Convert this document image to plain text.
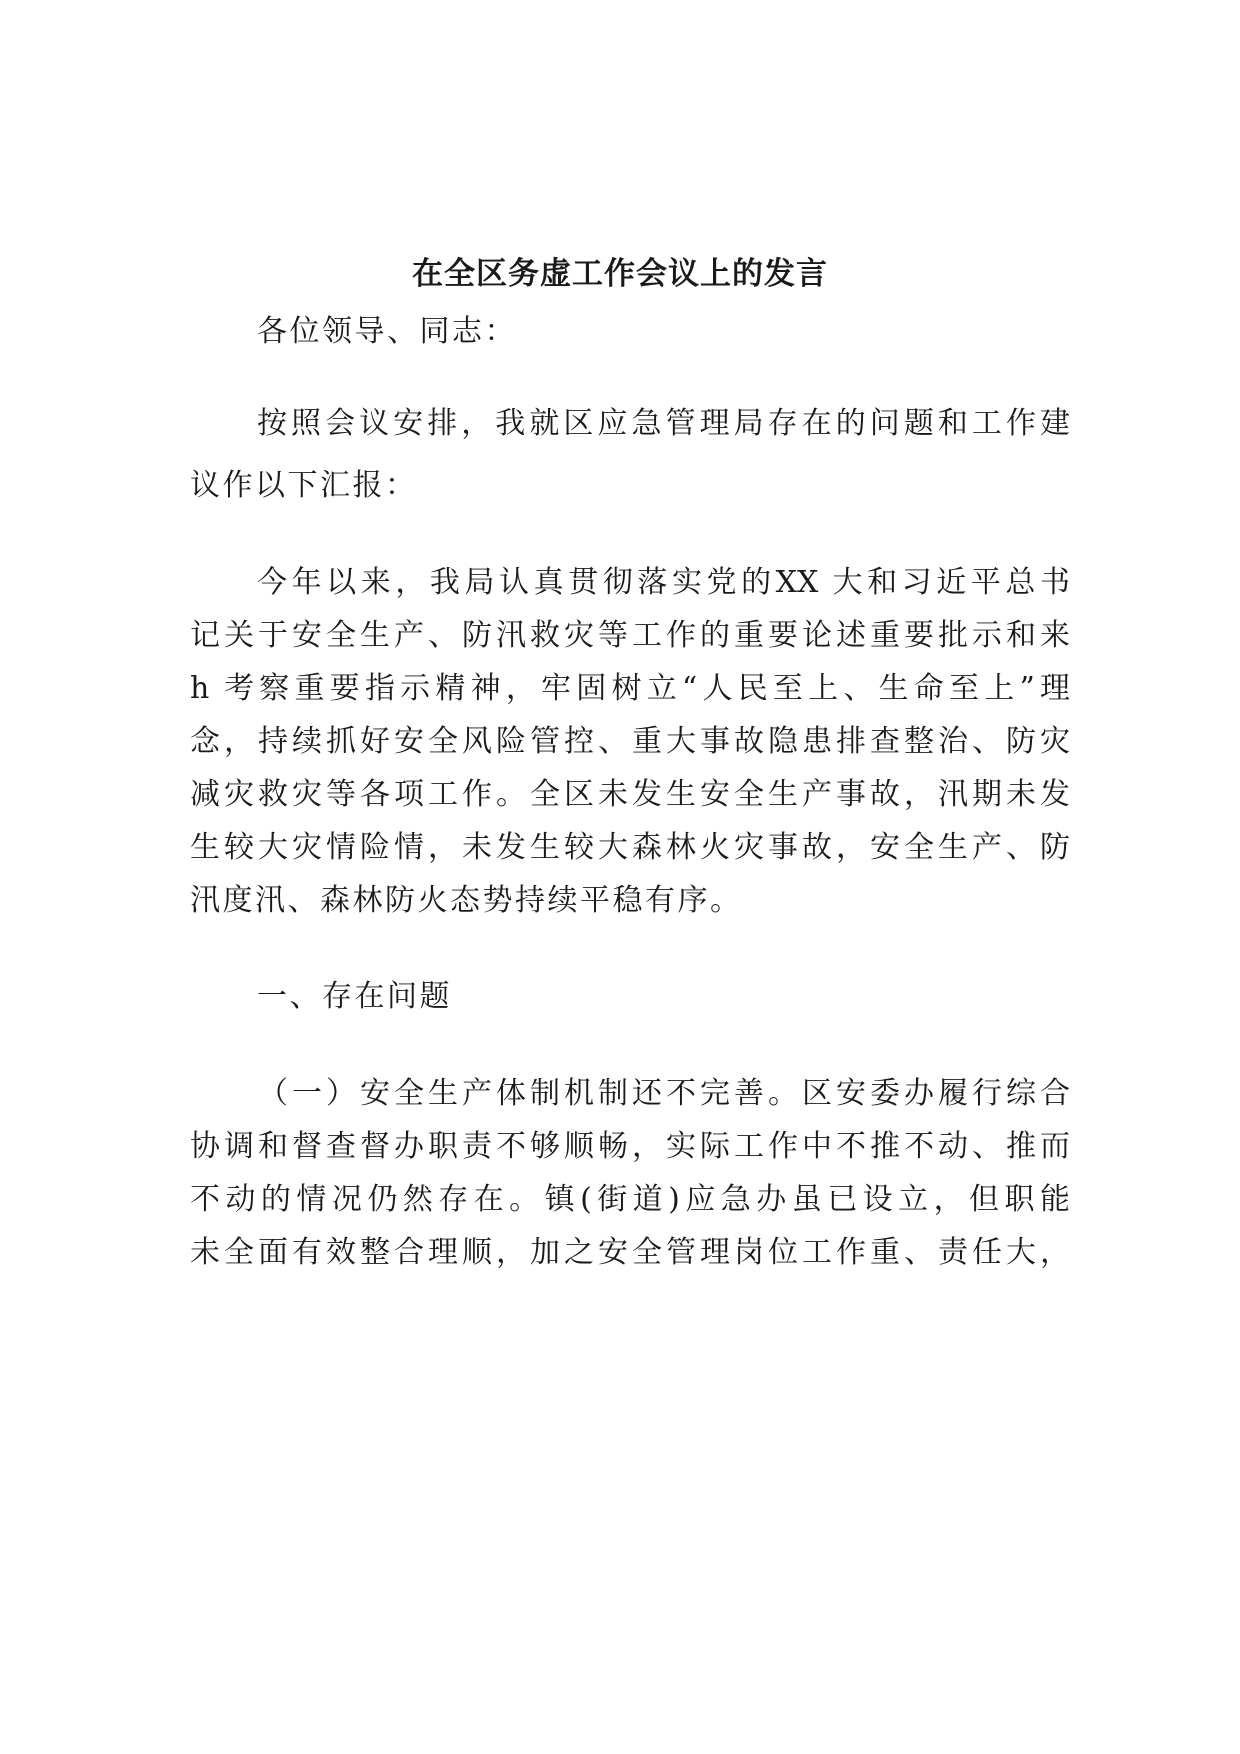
在全区务虚工作会议上的发言
各位领导、同志：
按照会议安排，我就区应急管理局存在的问题和工作建
议作以下汇报：
今年以来，我局认真贯彻落实党的XX 大和习近平总书
记关于安全生产、防汛救灾等工作的重要论述重要批示和来
h 考察重要指示精神，牢固树立“人民至上、生命至上”理
念，持续抓好安全风险管控、重大事故隐患排查整治、防灾
减灾救灾等各项工作。全区未发生安全生产事故，汛期未发
生较大灾情险情，未发生较大森林火灾事故，安全生产、防
汛度汛、森林防火态势持续平稳有序。
一、存在问题
（一）安全生产体制机制还不完善。区安委办履行综合
协调和督查督办职责不够顺畅，实际工作中不推不动、推而
不动的情况仍然存在。镇(街道)应急办虽已设立，但职能
未全面有效整合理顺，加之安全管理岗位工作重、责任大，
